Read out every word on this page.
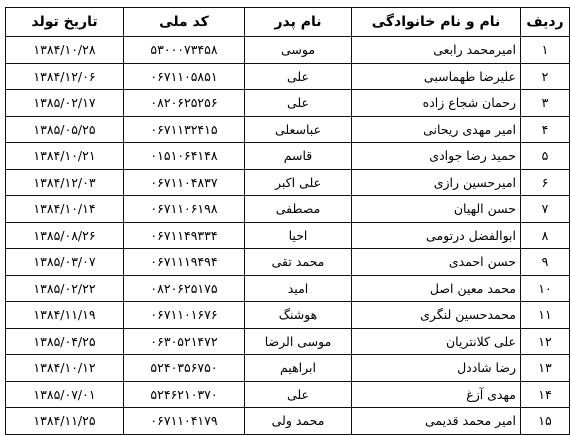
ردیف	نام و نام خانوادگی	نام پدر	کد ملی	تاریخ تولد
۱	امیرمحمد رابعی	موسی	۵۳۰۰۰۷۳۴۵۸	۱۳۸۴/۱۰/۲۸
۲	علیرضا طهماسبی	علی	۰۶۷۱۱۰۵۸۵۱	۱۳۸۴/۱۲/۰۶
۳	رحمان شجاع زاده	علی	۰۸۲۰۶۲۵۲۵۶	۱۳۸۵/۰۲/۱۷
۴	امیر مهدی ریحانی	عباسعلی	۰۶۷۱۱۳۲۴۱۵	۱۳۸۵/۰۵/۲۵
۵	حمید رضا جوادی	قاسم	۰۱۵۱۰۶۴۱۴۸	۱۳۸۴/۱۰/۲۱
۶	امیرحسین رازی	علی اکبر	۰۶۷۱۱۰۴۸۳۷	۱۳۸۴/۱۲/۰۳
۷	حسن الهیان	مصطفی	۰۶۷۱۱۰۶۱۹۸	۱۳۸۴/۱۰/۱۴
۸	ابوالفضل درتومی	احیا	۰۶۷۱۱۴۹۳۳۴	۱۳۸۵/۰۸/۲۶
۹	حسن احمدی	محمد تقی	۰۶۷۱۱۱۹۴۹۴	۱۳۸۵/۰۳/۰۷
۱۰	محمد معین اصل	امید	۰۸۲۰۶۲۵۱۷۵	۱۳۸۵/۰۲/۲۲
۱۱	محمدحسین لنگری	هوشنگ	۰۶۷۱۱۰۱۶۷۶	۱۳۸۴/۱۱/۱۹
۱۲	علی کلانتریان	موسی الرضا	۰۶۳۰۵۲۱۴۷۲	۱۳۸۵/۰۴/۲۵
۱۳	رضا شاددل	ابراهیم	۵۲۴۰۳۵۶۷۵۰	۱۳۸۴/۱۰/۱۲
۱۴	مهدی آزغ	علی	۵۲۴۶۲۱۰۳۷۰	۱۳۸۵/۰۷/۰۱
۱۵	امیر محمد قدیمی	محمد ولی	۰۶۷۱۱۰۴۱۷۹	۱۳۸۴/۱۱/۲۵
